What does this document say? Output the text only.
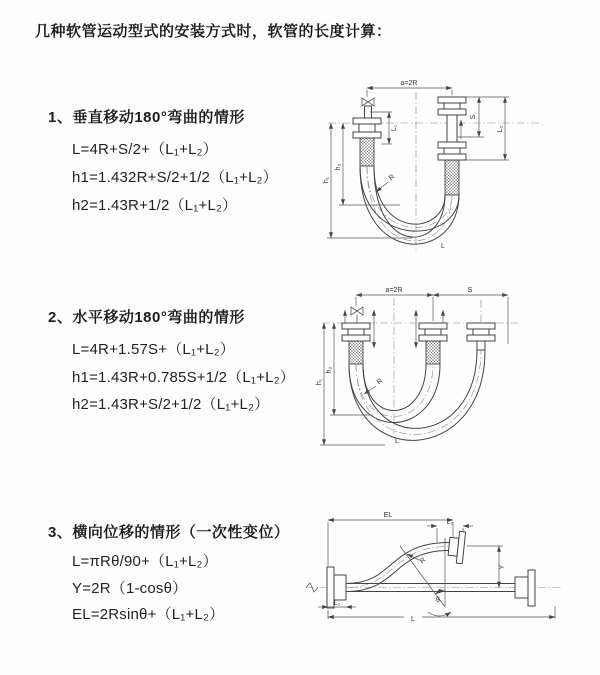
几种软管运动型式的安装方式时，软管的长度计算：
1、垂直移动180°弯曲的情形
L=4R+S/2+（L₁+L₂）
h1=1.432R+S/2+1/2（L₁+L₂）
h2=1.43R+1/2（L₁+L₂）
2、水平移动180°弯曲的情形
L=4R+1.57S+（L₁+L₂）
h1=1.43R+0.785S+1/2（L₁+L₂）
h2=1.43R+S/2+1/2（L₁+L₂）
3、横向位移的情形（一次性变位）
L=πRθ/90+（L₁+L₂）
Y=2R（1-cosθ）
EL=2Rsinθ+（L₁+L₂）
a=2R
S
L₂
h₁
h₂
L₁
R
L
a=2R	S
h₁
h₂
R
L
EL
L₂
Y
θ
R
L₁
L
